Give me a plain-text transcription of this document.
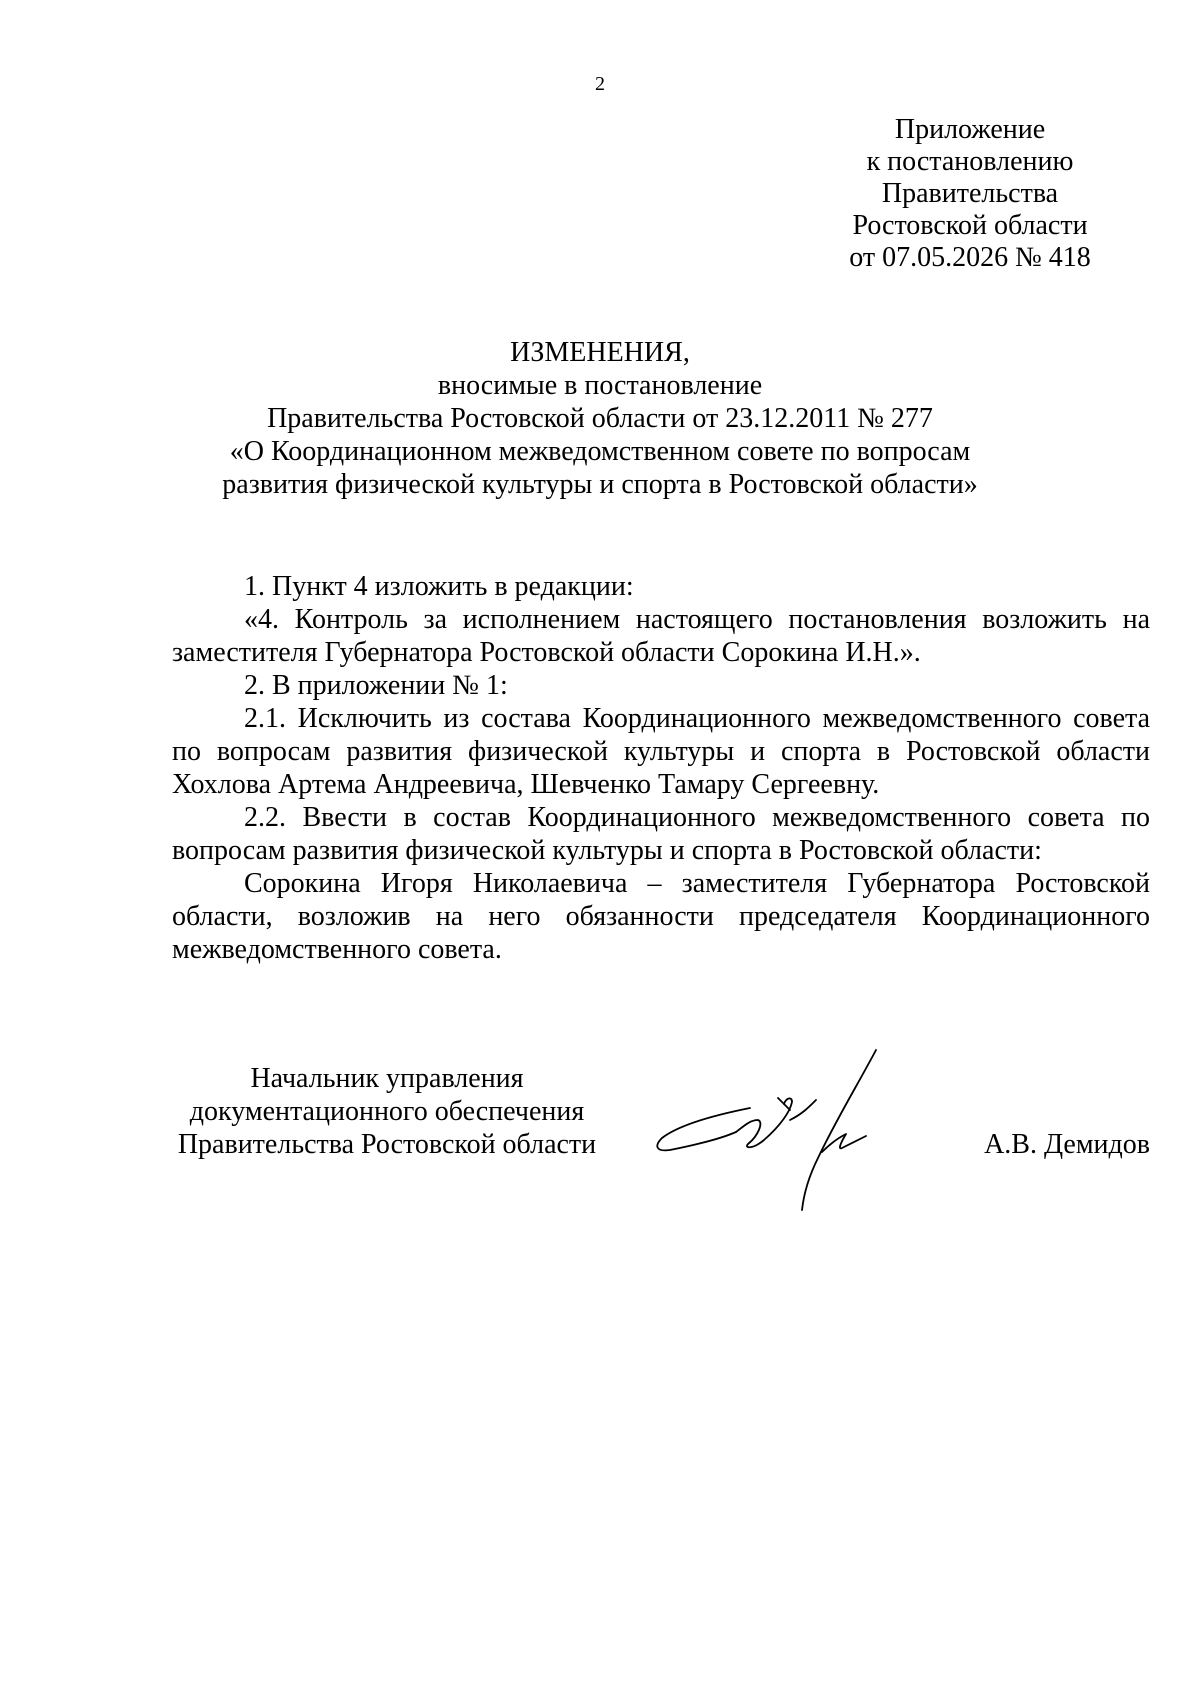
2
Приложение
к постановлению
Правительства
Ростовской области
от 07.05.2026 № 418
ИЗМЕНЕНИЯ,
вносимые в постановление
Правительства Ростовской области от 23.12.2011 № 277
«О Координационном межведомственном совете по вопросам
развития физической культуры и спорта в Ростовской области»

1. Пункт 4 изложить в редакции:

«4. Контроль за исполнением настоящего постановления возложить на заместителя Губернатора Ростовской области Сорокина И.Н.».

2. В приложении № 1:

2.1. Исключить из состава Координационного межведомственного совета по вопросам развития физической культуры и спорта в Ростовской области Хохлова Артема Андреевича, Шевченко Тамару Сергеевну.

2.2. Ввести в состав Координационного межведомственного совета по вопросам развития физической культуры и спорта в Ростовской области:

Сорокина Игоря Николаевича – заместителя Губернатора Ростовской области, возложив на него обязанности председателя Координационного межведомственного совета.

Начальник управления
документационного обеспечения
Правительства Ростовской области	А.В. Демидов
